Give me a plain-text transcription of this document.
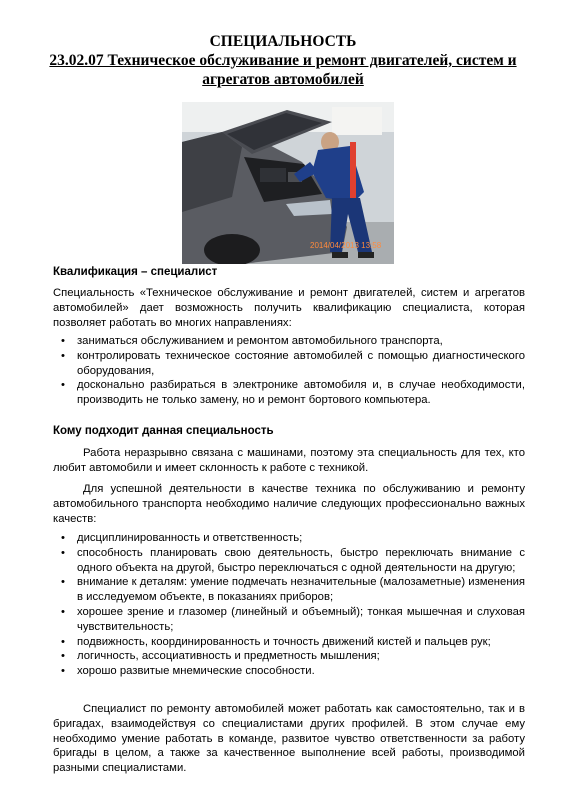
СПЕЦИАЛЬНОСТЬ
23.02.07 Техническое обслуживание и ремонт двигателей, систем и агрегатов автомобилей
2014/04/2013 13:58
Квалификация – специалист
Специальность «Техническое обслуживание и ремонт двигателей, систем и агрегатов автомобилей» дает возможность получить квалификацию специалиста, которая позволяет работать во многих направлениях:
• заниматься обслуживанием и ремонтом автомобильного транспорта,
• контролировать техническое состояние автомобилей с помощью диагностического оборудования,
• досконально разбираться в электронике автомобиля и, в случае необходимости, производить не только замену, но и ремонт бортового компьютера.
Кому подходит данная специальность
Работа неразрывно связана с машинами, поэтому эта специальность для тех, кто любит автомобили и имеет склонность к работе с техникой.
Для успешной деятельности в качестве техника по обслуживанию и ремонту автомобильного транспорта необходимо наличие следующих профессионально важных качеств:
• дисциплинированность и ответственность;
• способность планировать свою деятельность, быстро переключать внимание с одного объекта на другой, быстро переключаться с одной деятельности на другую;
• внимание к деталям: умение подмечать незначительные (малозаметные) изменения в исследуемом объекте, в показаниях приборов;
• хорошее зрение и глазомер (линейный и объемный); тонкая мышечная и слуховая чувствительность;
• подвижность, координированность и точность движений кистей и пальцев рук;
• логичность, ассоциативность и предметность мышления;
• хорошо развитые мнемические способности.
Специалист по ремонту автомобилей может работать как самостоятельно, так и в бригадах, взаимодействуя со специалистами других профилей. В этом случае ему необходимо умение работать в команде, развитое чувство ответственности за работу бригады в целом, а также за качественное выполнение всей работы, производимой разными специалистами.
